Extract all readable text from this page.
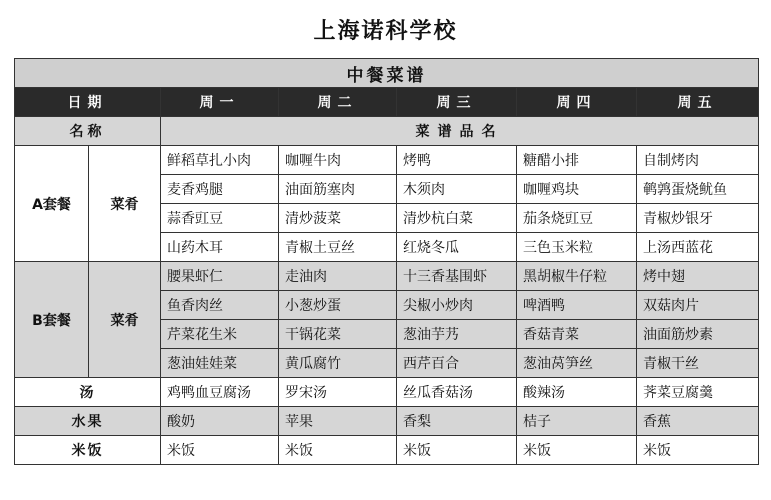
上海诺科学校
中餐菜谱						
日期		周一	周二	周三	周四	周五
名称		菜谱品名				
A套餐	菜肴	鲜稻草扎小肉	咖喱牛肉	烤鸭	糖醋小排	自制烤肉
		麦香鸡腿	油面筋塞肉	木须肉	咖喱鸡块	鹌鹑蛋烧鱿鱼
		蒜香豇豆	清炒菠菜	清炒杭白菜	茄条烧豇豆	青椒炒银牙
		山药木耳	青椒土豆丝	红烧冬瓜	三色玉米粒	上汤西蓝花
B套餐	菜肴	腰果虾仁	走油肉	十三香基围虾	黑胡椒牛仔粒	烤中翅
		鱼香肉丝	小葱炒蛋	尖椒小炒肉	啤酒鸭	双菇肉片
		芹菜花生米	干锅花菜	葱油芋艿	香菇青菜	油面筋炒素
		葱油娃娃菜	黄瓜腐竹	西芹百合	葱油莴笋丝	青椒干丝
汤		鸡鸭血豆腐汤	罗宋汤	丝瓜香菇汤	酸辣汤	荠菜豆腐羹
水果		酸奶	苹果	香梨	桔子	香蕉
米饭		米饭	米饭	米饭	米饭	米饭
